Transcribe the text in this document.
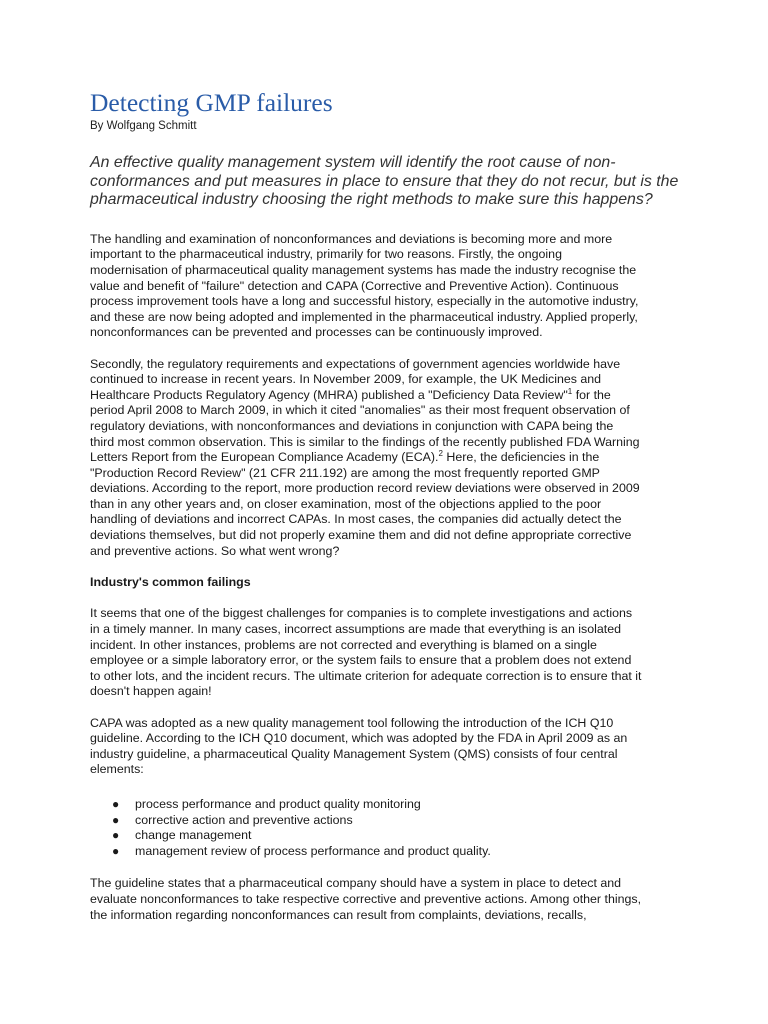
Detecting GMP failures

By Wolfgang Schmitt

An effective quality management system will identify the root cause of non-
conformances and put measures in place to ensure that they do not recur, but is the
pharmaceutical industry choosing the right methods to make sure this happens?

The handling and examination of nonconformances and deviations is becoming more and more
important to the pharmaceutical industry, primarily for two reasons. Firstly, the ongoing
modernisation of pharmaceutical quality management systems has made the industry recognise the
value and benefit of "failure" detection and CAPA (Corrective and Preventive Action). Continuous
process improvement tools have a long and successful history, especially in the automotive industry,
and these are now being adopted and implemented in the pharmaceutical industry. Applied properly,
nonconformances can be prevented and processes can be continuously improved.

Secondly, the regulatory requirements and expectations of government agencies worldwide have
continued to increase in recent years. In November 2009, for example, the UK Medicines and
Healthcare Products Regulatory Agency (MHRA) published a "Deficiency Data Review"$^1$ for the
period April 2008 to March 2009, in which it cited "anomalies" as their most frequent observation of
regulatory deviations, with nonconformances and deviations in conjunction with CAPA being the
third most common observation. This is similar to the findings of the recently published FDA Warning
Letters Report from the European Compliance Academy (ECA).$^2$ Here, the deficiencies in the
"Production Record Review" (21 CFR 211.192) are among the most frequently reported GMP
deviations. According to the report, more production record review deviations were observed in 2009
than in any other years and, on closer examination, most of the objections applied to the poor
handling of deviations and incorrect CAPAs. In most cases, the companies did actually detect the
deviations themselves, but did not properly examine them and did not define appropriate corrective
and preventive actions. So what went wrong?

Industry's common failings

It seems that one of the biggest challenges for companies is to complete investigations and actions
in a timely manner. In many cases, incorrect assumptions are made that everything is an isolated
incident. In other instances, problems are not corrected and everything is blamed on a single
employee or a simple laboratory error, or the system fails to ensure that a problem does not extend
to other lots, and the incident recurs. The ultimate criterion for adequate correction is to ensure that it
doesn't happen again!

CAPA was adopted as a new quality management tool following the introduction of the ICH Q10
guideline. According to the ICH Q10 document, which was adopted by the FDA in April 2009 as an
industry guideline, a pharmaceutical Quality Management System (QMS) consists of four central
elements:

● process performance and product quality monitoring
● corrective action and preventive actions
● change management
● management review of process performance and product quality.

The guideline states that a pharmaceutical company should have a system in place to detect and
evaluate nonconformances to take respective corrective and preventive actions. Among other things,
the information regarding nonconformances can result from complaints, deviations, recalls,
